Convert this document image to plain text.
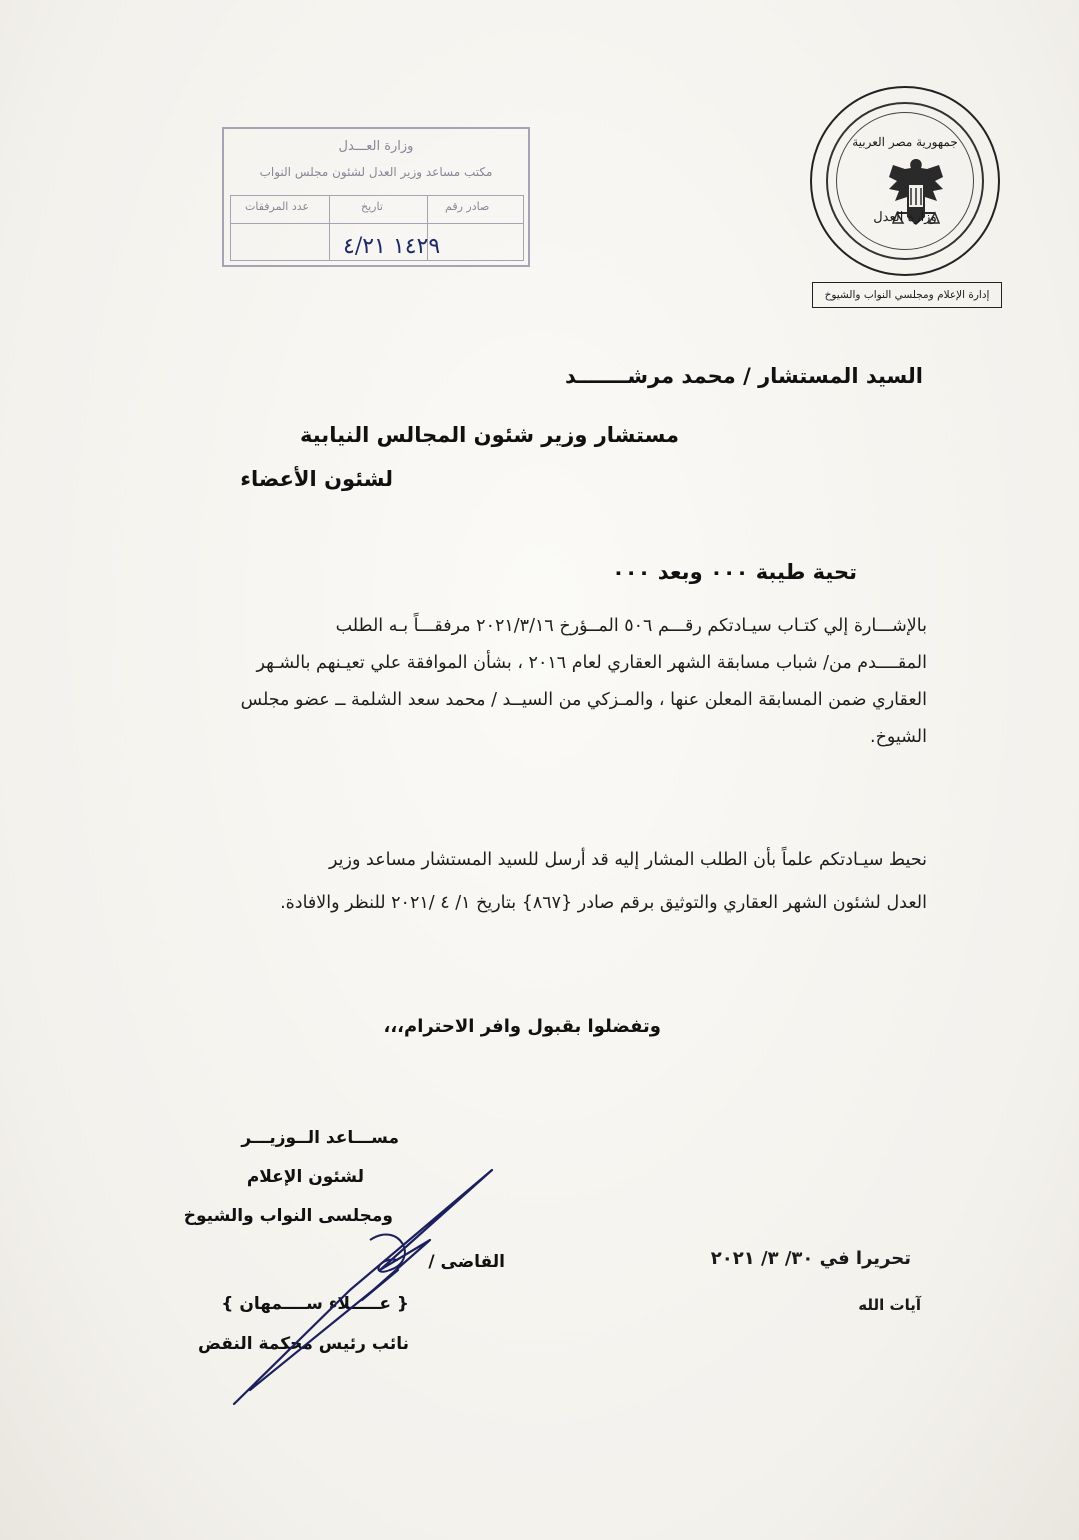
جمهورية مصر العربية
وزارة العدل
إدارة الإعلام ومجلسي النواب والشيوخ
وزارة العـــدل
مكتب مساعد وزير العدل لشئون مجلس النواب
صادر رقم
تاريخ
عدد المرفقات
١٤٢٩ ٤/٢١
السيد المستشار / محمد مرشـــــــد
مستشار وزير شئون المجالس النيابية
لشئون الأعضاء
تحية طيبة ٠٠٠ وبعد ٠٠٠
بالإشـــارة إلي كتـاب سيـادتكم رقـــم ٥٠٦ المــؤرخ ٢٠٢١/٣/١٦ مرفقـــاً بـه الطلب
المقــــدم من/ شباب مسابقة الشهر العقاري لعام ٢٠١٦ ، بشأن الموافقة علي تعيـنهم بالشـهر
العقاري ضمن المسابقة المعلن عنها ، والمـزكي من السيــد / محمد سعد الشلمة ــ عضو مجلس
الشيوخ.
نحيط سيـادتكم علماً بأن الطلب المشار إليه قد أرسل للسيد المستشار مساعد وزير
العدل لشئون الشهر العقاري والتوثيق برقم صادر {٨٦٧} بتاريخ ١/ ٤ /٢٠٢١ للنظر والافادة.
وتفضلوا بقبول وافر الاحترام،،،
مســـاعد الــوزيـــر
لشئون الإعلام
ومجلسى النواب والشيوخ
القاضى /
{ عـــــلاء ســــمهان }
نائب رئيس محكمة النقض
تحريرا في ٣٠/ ٣/ ٢٠٢١
آيات الله
